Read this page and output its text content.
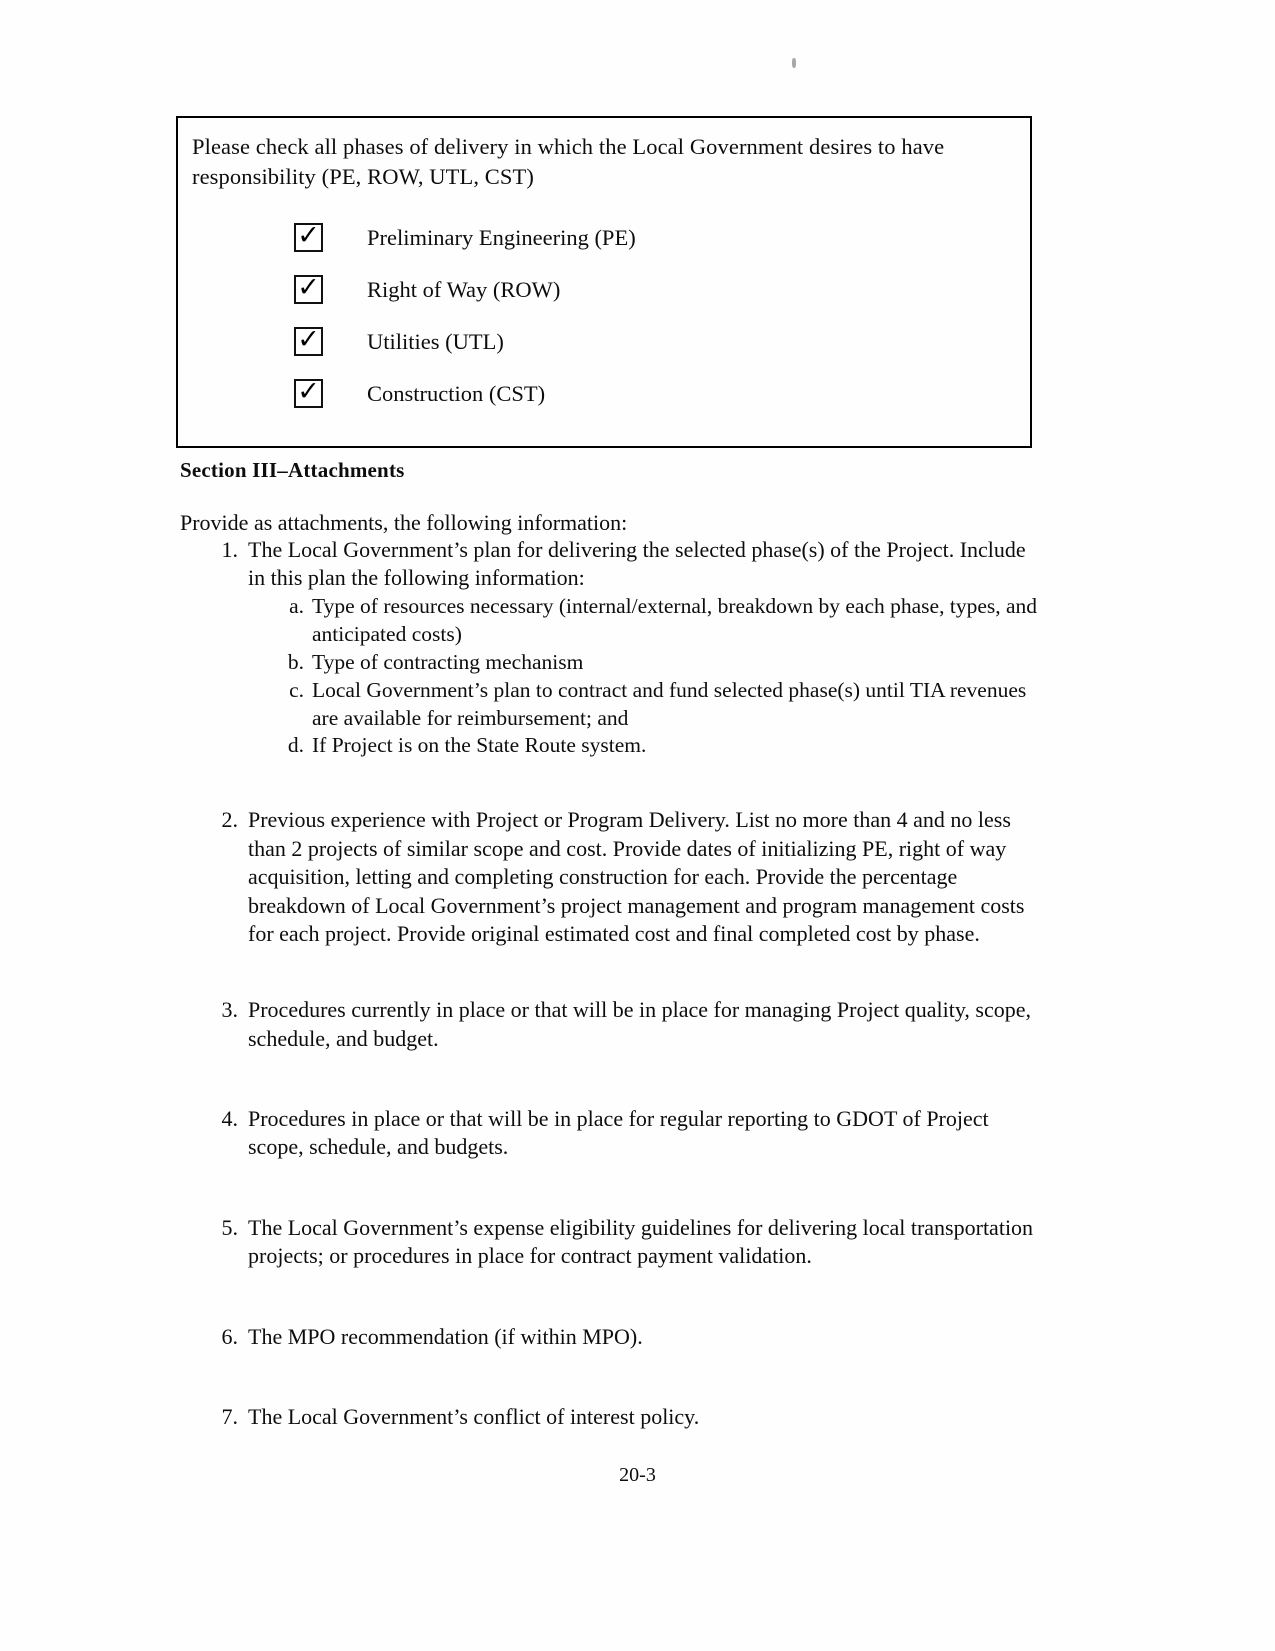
Please check all phases of delivery in which the Local Government desires to have responsibility (PE, ROW, UTL, CST)

✓ Preliminary Engineering (PE)
✓ Right of Way (ROW)
✓ Utilities (UTL)
✓ Construction (CST)
Section III–Attachments

Provide as attachments, the following information:

1. The Local Government’s plan for delivering the selected phase(s) of the Project. Include in this plan the following information:
a. Type of resources necessary (internal/external, breakdown by each phase, types, and anticipated costs)
b. Type of contracting mechanism
c. Local Government’s plan to contract and fund selected phase(s) until TIA revenues are available for reimbursement; and
d. If Project is on the State Route system.
2. Previous experience with Project or Program Delivery. List no more than 4 and no less than 2 projects of similar scope and cost. Provide dates of initializing PE, right of way acquisition, letting and completing construction for each. Provide the percentage breakdown of Local Government’s project management and program management costs for each project. Provide original estimated cost and final completed cost by phase.
3. Procedures currently in place or that will be in place for managing Project quality, scope, schedule, and budget.
4. Procedures in place or that will be in place for regular reporting to GDOT of Project scope, schedule, and budgets.
5. The Local Government’s expense eligibility guidelines for delivering local transportation projects; or procedures in place for contract payment validation.
6. The MPO recommendation (if within MPO).
7. The Local Government’s conflict of interest policy.
20-3
